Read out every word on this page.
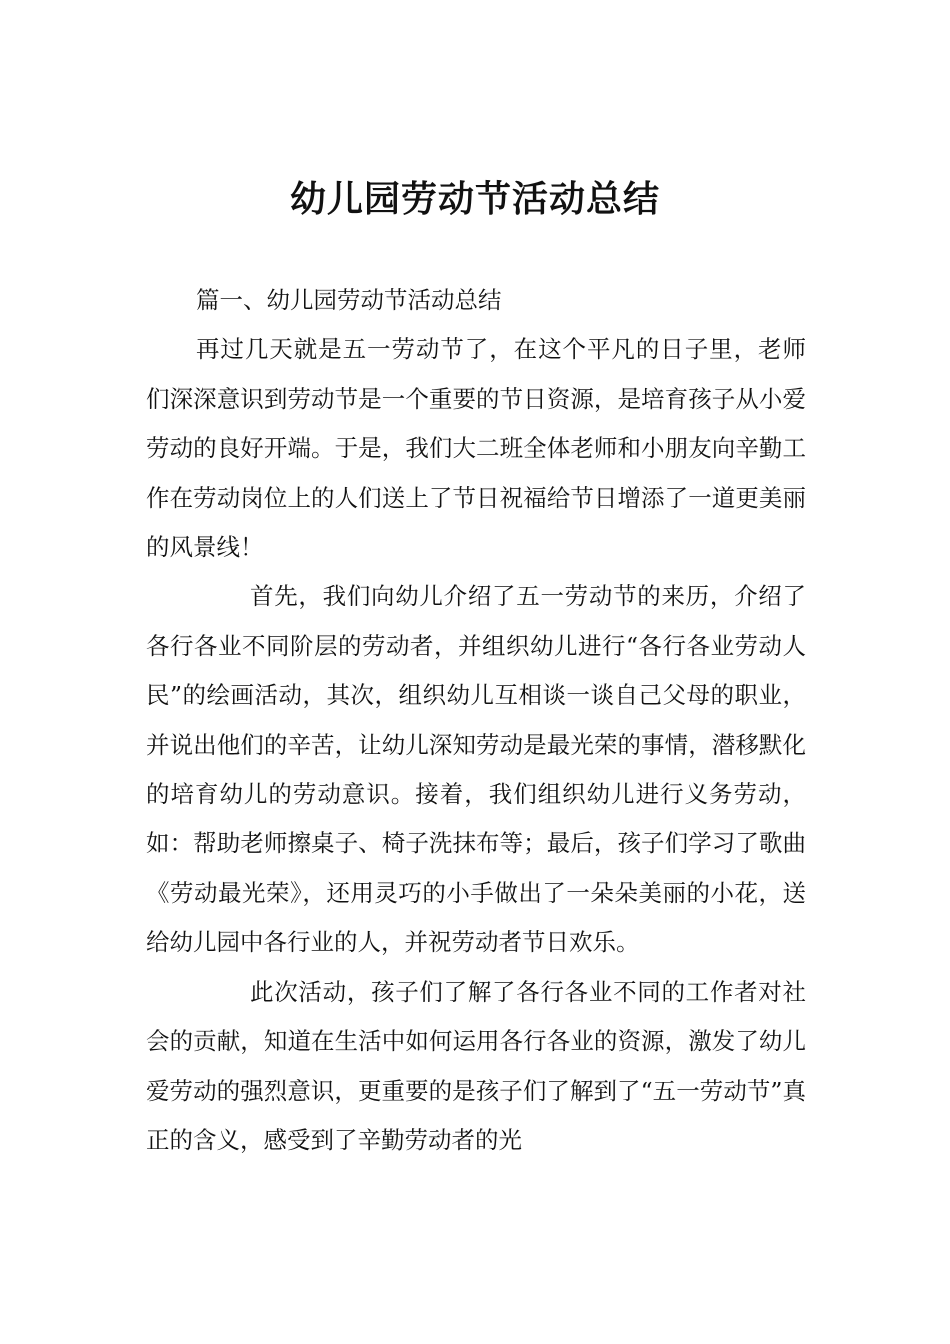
幼儿园劳动节活动总结

篇一、幼儿园劳动节活动总结

再过几天就是五一劳动节了，在这个平凡的日子里，老师们深深意识到劳动节是一个重要的节日资源，是培育孩子从小爱劳动的良好开端。于是，我们大二班全体老师和小朋友向辛勤工作在劳动岗位上的人们送上了节日祝福给节日增添了一道更美丽的风景线！

首先，我们向幼儿介绍了五一劳动节的来历，介绍了各行各业不同阶层的劳动者，并组织幼儿进行“各行各业劳动人民”的绘画活动，其次，组织幼儿互相谈一谈自己父母的职业，并说出他们的辛苦，让幼儿深知劳动是最光荣的事情，潜移默化的培育幼儿的劳动意识。接着，我们组织幼儿进行义务劳动，如：帮助老师擦桌子、椅子洗抹布等；最后，孩子们学习了歌曲《劳动最光荣》，还用灵巧的小手做出了一朵朵美丽的小花，送给幼儿园中各行业的人，并祝劳动者节日欢乐。

此次活动，孩子们了解了各行各业不同的工作者对社会的贡献，知道在生活中如何运用各行各业的资源，激发了幼儿爱劳动的强烈意识，更重要的是孩子们了解到了“五一劳动节”真正的含义，感受到了辛勤劳动者的光
